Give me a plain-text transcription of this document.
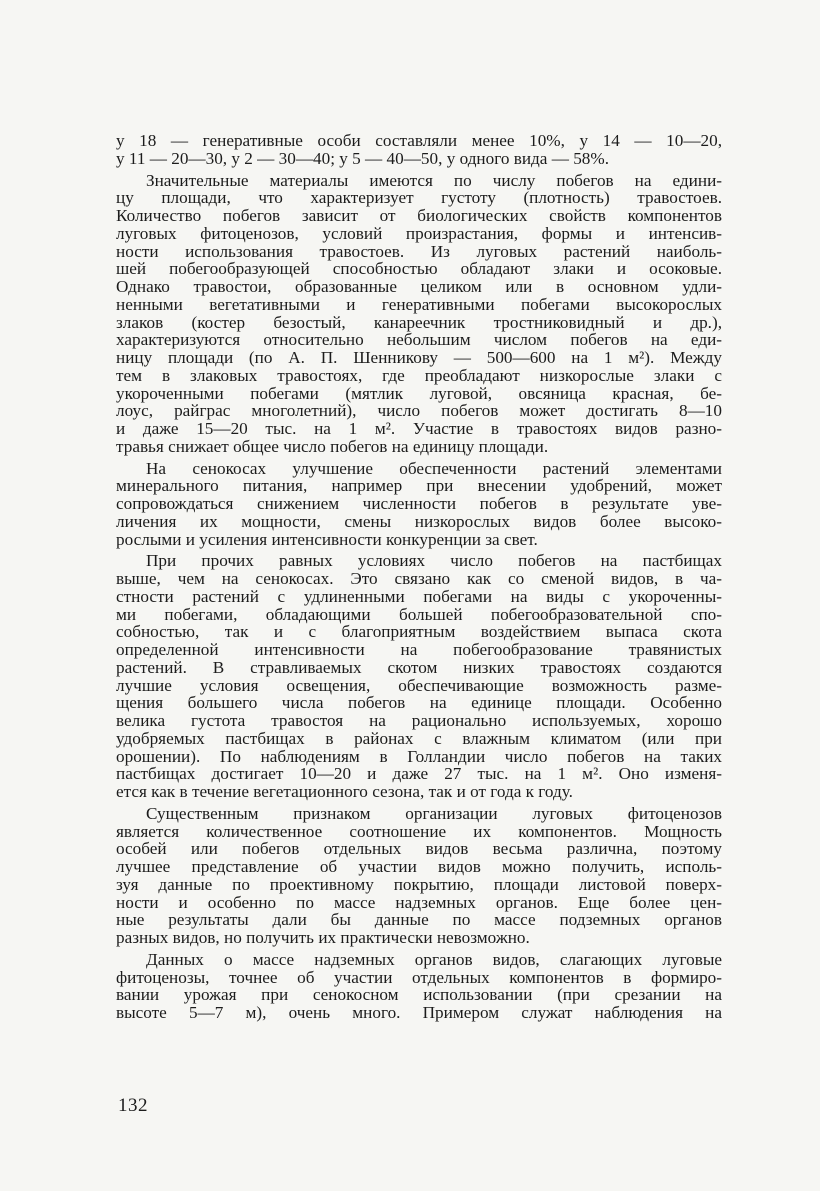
у 18 — генеративные особи составляли менее 10%, у 14 — 10—20,
у 11 — 20—30, у 2 — 30—40; у 5 — 40—50, у одного вида — 58%.
Значительные материалы имеются по числу побегов на едини-
цу площади, что характеризует густоту (плотность) травостоев.
Количество побегов зависит от биологических свойств компонентов
луговых фитоценозов, условий произрастания, формы и интенсив-
ности использования травостоев. Из луговых растений наиболь-
шей побегообразующей способностью обладают злаки и осоковые.
Однако травостои, образованные целиком или в основном удли-
ненными вегетативными и генеративными побегами высокорослых
злаков (костер безостый, канареечник тростниковидный и др.),
характеризуются относительно небольшим числом побегов на еди-
ницу площади (по А. П. Шенникову — 500—600 на 1 м²). Между
тем в злаковых травостоях, где преобладают низкорослые злаки с
укороченными побегами (мятлик луговой, овсяница красная, бе-
лоус, райграс многолетний), число побегов может достигать 8—10
и даже 15—20 тыс. на 1 м². Участие в травостоях видов разно-
травья снижает общее число побегов на единицу площади.
На сенокосах улучшение обеспеченности растений элементами
минерального питания, например при внесении удобрений, может
сопровождаться снижением численности побегов в результате уве-
личения их мощности, смены низкорослых видов более высоко-
рослыми и усиления интенсивности конкуренции за свет.
При прочих равных условиях число побегов на пастбищах
выше, чем на сенокосах. Это связано как со сменой видов, в ча-
стности растений с удлиненными побегами на виды с укороченны-
ми побегами, обладающими большей побегообразовательной спо-
собностью, так и с благоприятным воздействием выпаса скота
определенной интенсивности на побегообразование травянистых
растений. В стравливаемых скотом низких травостоях создаются
лучшие условия освещения, обеспечивающие возможность разме-
щения большего числа побегов на единице площади. Особенно
велика густота травостоя на рационально используемых, хорошо
удобряемых пастбищах в районах с влажным климатом (или при
орошении). По наблюдениям в Голландии число побегов на таких
пастбищах достигает 10—20 и даже 27 тыс. на 1 м². Оно изменя-
ется как в течение вегетационного сезона, так и от года к году.
Существенным признаком организации луговых фитоценозов
является количественное соотношение их компонентов. Мощность
особей или побегов отдельных видов весьма различна, поэтому
лучшее представление об участии видов можно получить, исполь-
зуя данные по проективному покрытию, площади листовой поверх-
ности и особенно по массе надземных органов. Еще более цен-
ные результаты дали бы данные по массе подземных органов
разных видов, но получить их практически невозможно.
Данных о массе надземных органов видов, слагающих луговые
фитоценозы, точнее об участии отдельных компонентов в формиро-
вании урожая при сенокосном использовании (при срезании на
высоте 5—7 м), очень много. Примером служат наблюдения на
132
